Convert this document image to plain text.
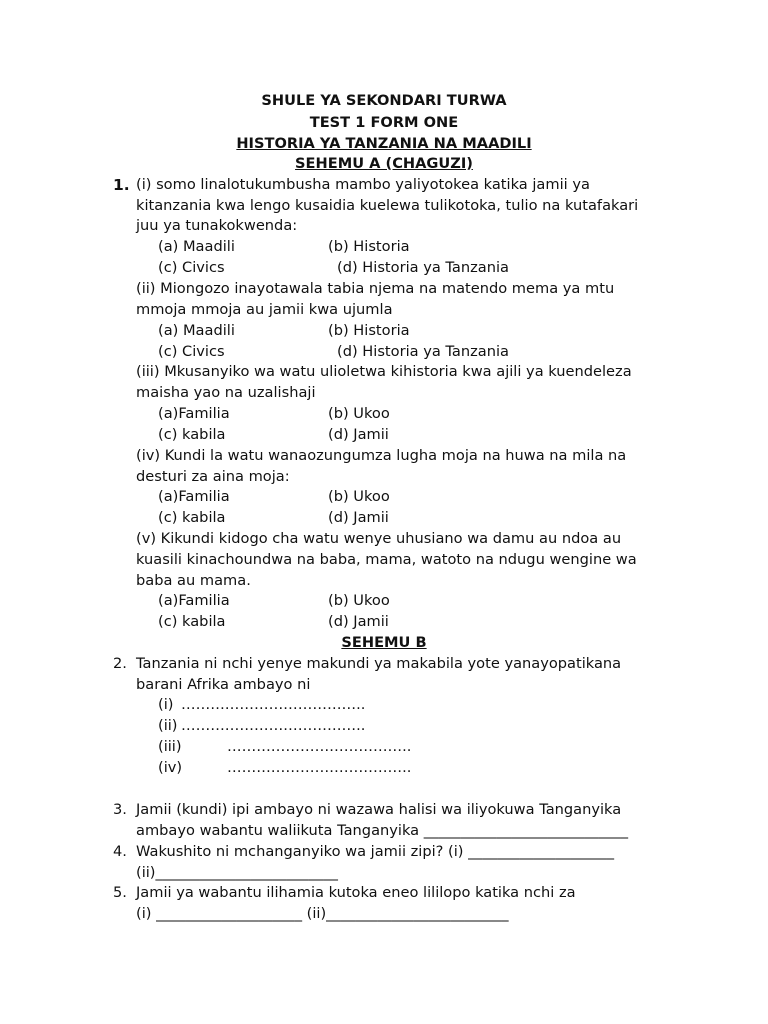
SHULE YA SEKONDARI TURWA
TEST 1 FORM ONE
HISTORIA YA TANZANIA NA MAADILI
SEHEMU A (CHAGUZI)
1. (i) somo linalotukumbusha mambo yaliyotokea katika jamii ya
kitanzania kwa lengo kusaidia kuelewa tulikotoka, tulio na kutafakari
juu ya tunakokwenda:
(a) Maadili	(b) Historia
(c) Civics	(d) Historia ya Tanzania
(ii) Miongozo inayotawala tabia njema na matendo mema ya mtu
mmoja mmoja au jamii kwa ujumla
(a) Maadili	(b) Historia
(c) Civics	(d) Historia ya Tanzania
(iii) Mkusanyiko wa watu ulioletwa kihistoria kwa ajili ya kuendeleza
maisha yao na uzalishaji
(a)Familia	(b) Ukoo
(c) kabila	(d) Jamii
(iv) Kundi la watu wanaozungumza lugha moja na huwa na mila na
desturi za aina moja:
(a)Familia	(b) Ukoo
(c) kabila	(d) Jamii
(v) Kikundi kidogo cha watu wenye uhusiano wa damu au ndoa au
kuasili kinachoundwa na baba, mama, watoto na ndugu wengine wa
baba au mama.
(a)Familia	(b) Ukoo
(c) kabila	(d) Jamii
SEHEMU B
2. Tanzania ni nchi yenye makundi ya makabila yote yanayopatikana
barani Afrika ambayo ni
(i) ………………………………..
(ii) ………………………………..
(iii)	………………………………..
(iv)	………………………………..
3. Jamii (kundi) ipi ambayo ni wazawa halisi wa iliyokuwa Tanganyika
ambayo wabantu waliikuta Tanganyika ____________________________
4. Wakushito ni mchanganyiko wa jamii zipi? (i) ____________________
(ii)_________________________
5. Jamii ya wabantu ilihamia kutoka eneo lililopo katika nchi za
(i) ____________________ (ii)_________________________
